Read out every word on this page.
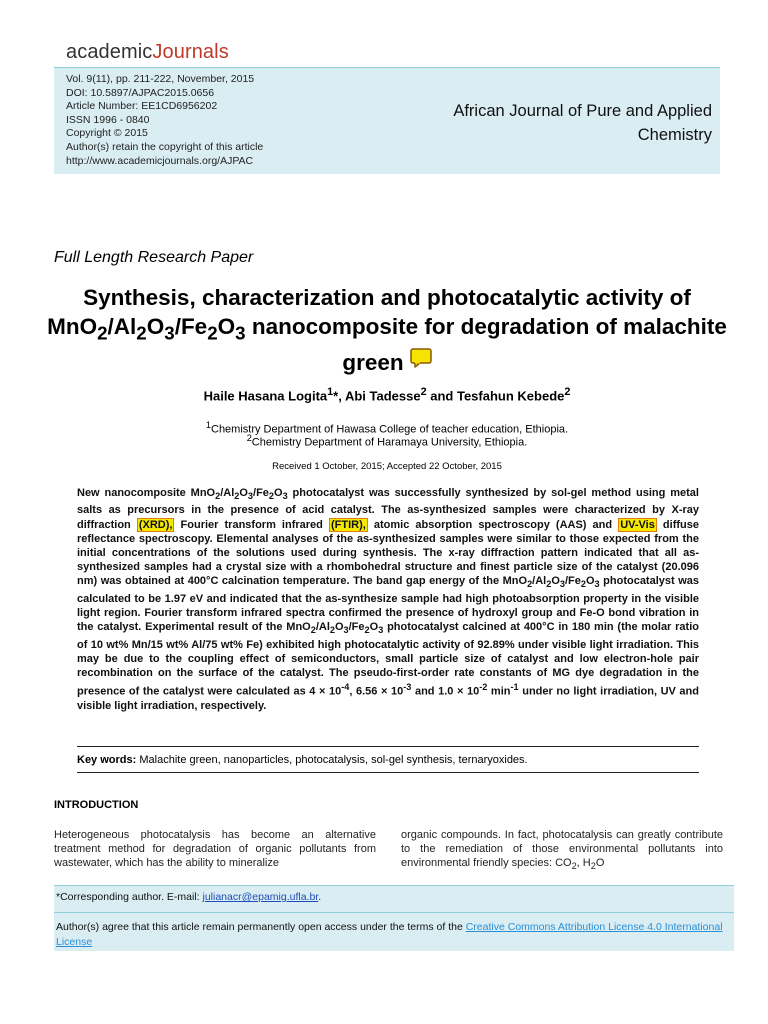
academicJournals
Vol. 9(11), pp. 211-222, November, 2015
DOI: 10.5897/AJPAC2015.0656
Article Number: EE1CD6956202
ISSN 1996 - 0840
Copyright © 2015
Author(s) retain the copyright of this article
http://www.academicjournals.org/AJPAC
African Journal of Pure and Applied
Chemistry
Full Length Research Paper
Synthesis, characterization and photocatalytic activity of $MnO_2/Al_2O_3/Fe_2O_3$ nanocomposite for degradation of malachite green
Haile Hasana Logita$^1$*, Abi Tadesse$^2$ and Tesfahun Kebede$^2$
$^1$Chemistry Department of Hawasa College of teacher education, Ethiopia.
$^2$Chemistry Department of Haramaya University, Ethiopia.
Received 1 October, 2015; Accepted 22 October, 2015
New nanocomposite $MnO_2/Al_2O_3/Fe_2O_3$ photocatalyst was successfully synthesized by sol-gel method using metal salts as precursors in the presence of acid catalyst. The as-synthesized samples were characterized by X-ray diffraction (XRD), Fourier transform infrared (FTIR), atomic absorption spectroscopy (AAS) and UV-Vis diffuse reflectance spectroscopy. Elemental analyses of the as-synthesized samples were similar to those expected from the initial concentrations of the solutions used during synthesis. The x-ray diffraction pattern indicated that all as-synthesized samples had a crystal size with a rhombohedral structure and finest particle size of the catalyst (20.096 nm) was obtained at 400°C calcination temperature. The band gap energy of the $MnO_2/Al_2O_3/Fe_2O_3$ photocatalyst was calculated to be 1.97 eV and indicated that the as-synthesize sample had high photoabsorption property in the visible light region. Fourier transform infrared spectra confirmed the presence of hydroxyl group and Fe-O bond vibration in the catalyst. Experimental result of the $MnO_2/Al_2O_3/Fe_2O_3$ photocatalyst calcined at 400°C in 180 min (the molar ratio of 10 wt% Mn/15 wt% Al/75 wt% Fe) exhibited high photocatalytic activity of 92.89% under visible light irradiation. This may be due to the coupling effect of semiconductors, small particle size of catalyst and low electron-hole pair recombination on the surface of the catalyst. The pseudo-first-order rate constants of MG dye degradation in the presence of the catalyst were calculated as $4 \times 10^{-4}$, $6.56 \times 10^{-3}$ and $1.0 \times 10^{-2}$ $\min^{-1}$ under no light irradiation, UV and visible light irradiation, respectively.
Key words: Malachite green, nanoparticles, photocatalysis, sol-gel synthesis, ternaryoxides.
INTRODUCTION
Heterogeneous photocatalysis has become an alternative treatment method for degradation of organic pollutants from wastewater, which has the ability to mineralize
organic compounds. In fact, photocatalysis can greatly contribute to the remediation of those environmental pollutants into environmental friendly species: $CO_2$, $H_2O$
*Corresponding author. E-mail: julianacr@epamig.ufla.br.
Author(s) agree that this article remain permanently open access under the terms of the Creative Commons Attribution License 4.0 International License
